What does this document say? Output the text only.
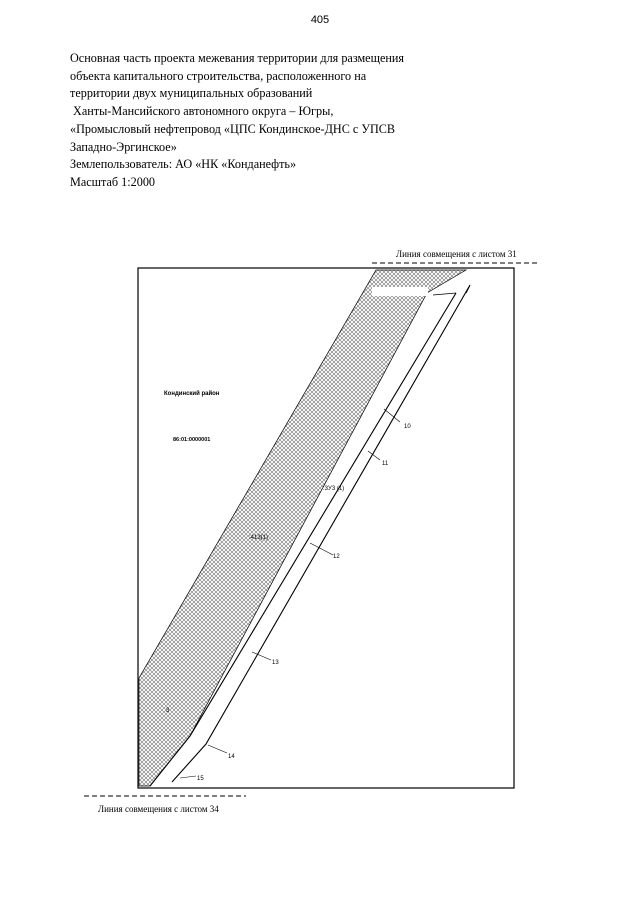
405
Основная часть проекта межевания территории для размещения
объекта капитального строительства, расположенного на
территории двух муниципальных образований
Ханты-Мансийского автономного округа – Югры,
«Промысловый нефтепровод «ЦПС Кондинское-ДНС с УПСВ
Западно-Эргинское»
Землепользователь: АО «НК «Конданефть»
Масштаб 1:2000
Линия совмещения с листом 31
Линия совмещения с листом 34
Кондинский район
86:01:0000001
:413(1)
:3У3 (1)
3
10
11
12
13
14
15
